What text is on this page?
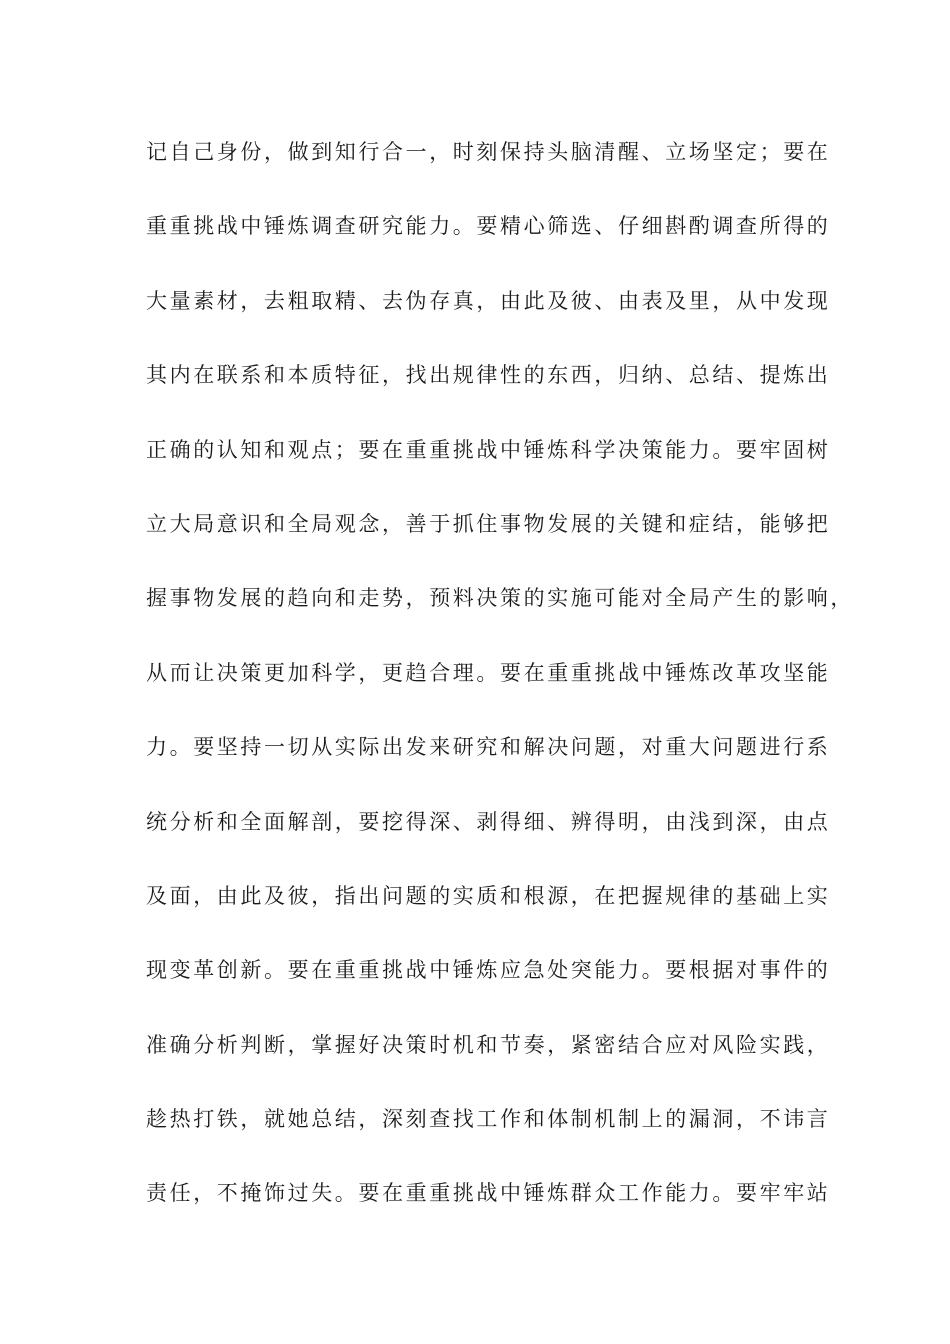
记自己身份，做到知行合一，时刻保持头脑清醒、立场坚定；要在
重重挑战中锤炼调查研究能力。要精心筛选、仔细斟酌调查所得的
大量素材，去粗取精、去伪存真，由此及彼、由表及里，从中发现
其内在联系和本质特征，找出规律性的东西，归纳、总结、提炼出
正确的认知和观点；要在重重挑战中锤炼科学决策能力。要牢固树
立大局意识和全局观念，善于抓住事物发展的关键和症结，能够把
握事物发展的趋向和走势，预料决策的实施可能对全局产生的影响，
从而让决策更加科学，更趋合理。要在重重挑战中锤炼改革攻坚能
力。要坚持一切从实际出发来研究和解决问题，对重大问题进行系
统分析和全面解剖，要挖得深、剥得细、辨得明，由浅到深，由点
及面，由此及彼，指出问题的实质和根源，在把握规律的基础上实
现变革创新。要在重重挑战中锤炼应急处突能力。要根据对事件的
准确分析判断，掌握好决策时机和节奏，紧密结合应对风险实践，
趁热打铁，就她总结，深刻查找工作和体制机制上的漏洞，不讳言
责任，不掩饰过失。要在重重挑战中锤炼群众工作能力。要牢牢站
